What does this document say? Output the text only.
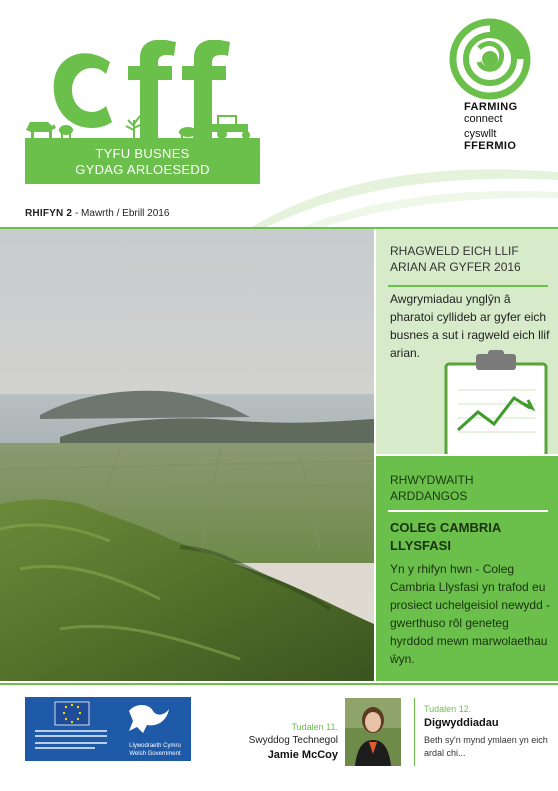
TYFU BUSNES
GYDAG ARLOESEDD
FARMING
connect
cyswllt
FFERMIO
RHIFYN 2 - Mawrth / Ebrill 2016
RHAGWELD EICH LLIF
ARIAN AR GYFER 2016
Awgrymiadau ynglŷn â pharatoi cyllideb ar gyfer eich busnes a sut i ragweld eich llif arian.
RHWYDWAITH
ARDDANGOS
COLEG CAMBRIA
LLYSFASI
Yn y rhifyn hwn - Coleg Cambria Llysfasi yn trafod eu prosiect uchelgeisiol newydd - gwerthuso rôl geneteg hyrddod mewn marwolaethau ŵyn.
Llywodraeth Cymru
Welsh Government
Tudalen 11.
Swyddog Technegol
Jamie McCoy
Tudalen 12.
Digwyddiadau
Beth sy'n mynd ymlaen yn eich ardal chi...
